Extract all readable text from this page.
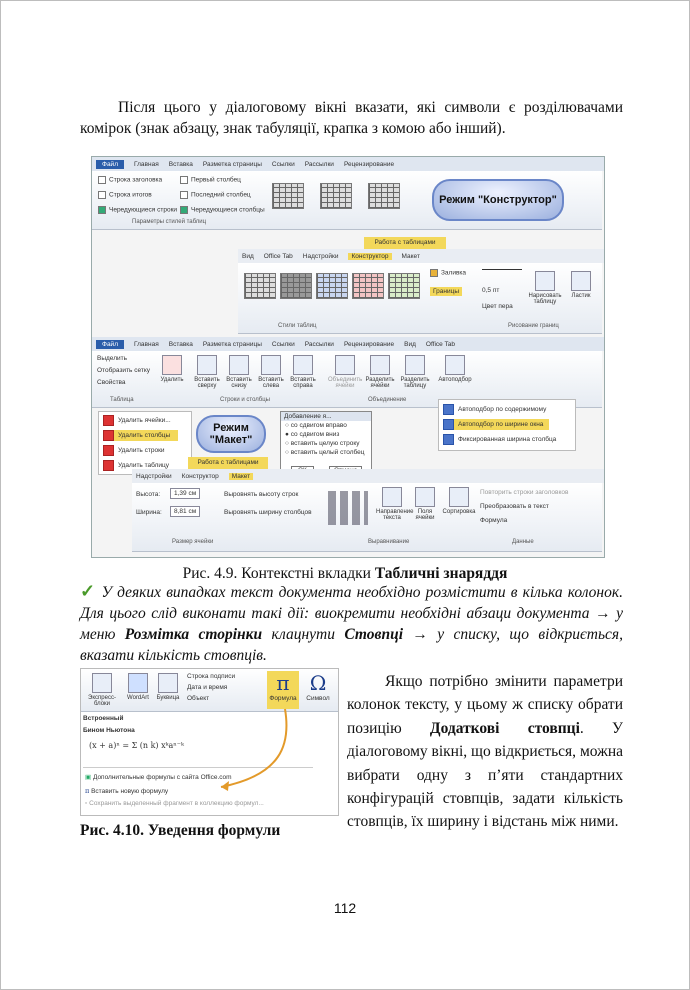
Після цього у діалоговому вікні вказати, які символи є розділювачами комірок (знак абзацу, знак табуляції, крапка з комою або інший).
Файл	Главная Вставка Разметка страницы Ссылки Рассылки Рецензирование
Строка заголовка	Первый столбец
Строка итогов	Последний столбец
Чередующиеся строки	Чередующиеся столбцы
Параметры стилей таблиц
Режим "Конструктор"
Работа с таблицами
Вид Office Tab Надстройки	Конструктор	Макет
Заливка
Границы	0,5 пт
Цвет пера
Нарисовать таблицу
Ластик
Стили таблиц	Рисование границ
Файл	Главная Вставка Разметка страницы Ссылки Рассылки Рецензирование Вид Office Tab
Выделить
Отобразить сетку
Свойства	Удалить	Вставить сверху
Вставить снизу
Вставить слева
Вставить справа
Объединить ячейки
Разделить ячейки
Разделить таблицу
Автоподбор
Таблица	Строки и столбцы	Объединение
Удалить ячейки...
Удалить столбцы
Удалить строки
Удалить таблицу
Режим "Макет"
Добавление я...
○ со сдвигом вправо
● со сдвигом вниз
○ вставить целую строку
○ вставить целый столбец
Автоподбор по содержимому
Автоподбор по ширине окна
Фиксированная ширина столбца
Работа с таблицами
Надстройки Конструктор	Макет
Высота:	1,39 см
Ширина:	8,81 см
Выровнять высоту строк
Выровнять ширину столбцов	Направление текста
Поля ячейки
Сортировка
Повторить строки заголовков
Преобразовать в текст
Формула
Размер ячейки	Выравнивание	Данные
Рис. 4.9. Контекстні вкладки Табличні знаряддя
✓ У деяких випадках текст документа необхідно розмістити в кілька колонок. Для цього слід виконати такі дії: виокремити необхідні абзаци документа → у меню Розмітка сторінки клацнути Стовпці → у списку, що відкриється, вказати кількість стовпців.
Экспресс-блоки
WordArt	Буквица
Строка подписи
Дата и время
Объект
π
Формула
Ω
Символ
Встроенный
Бином Ньютона
(x + a)ⁿ = Σ (n k) xᵏaⁿ⁻ᵏ
▣ Дополнительные формулы с сайта Office.com
π Вставить новую формулу
▫ Сохранить выделенный фрагмент в коллекцию формул...
Рис. 4.10. Уведення формули
Якщо потрібно змінити параметри колонок тексту, у цьому ж списку обрати позицію Додаткові стовпці. У діалоговому вікні, що відкриється, можна вибрати одну з п’яти стандартних конфігурацій стовпців, задати кількість стовпців, їх ширину і відстань між ними.
112
